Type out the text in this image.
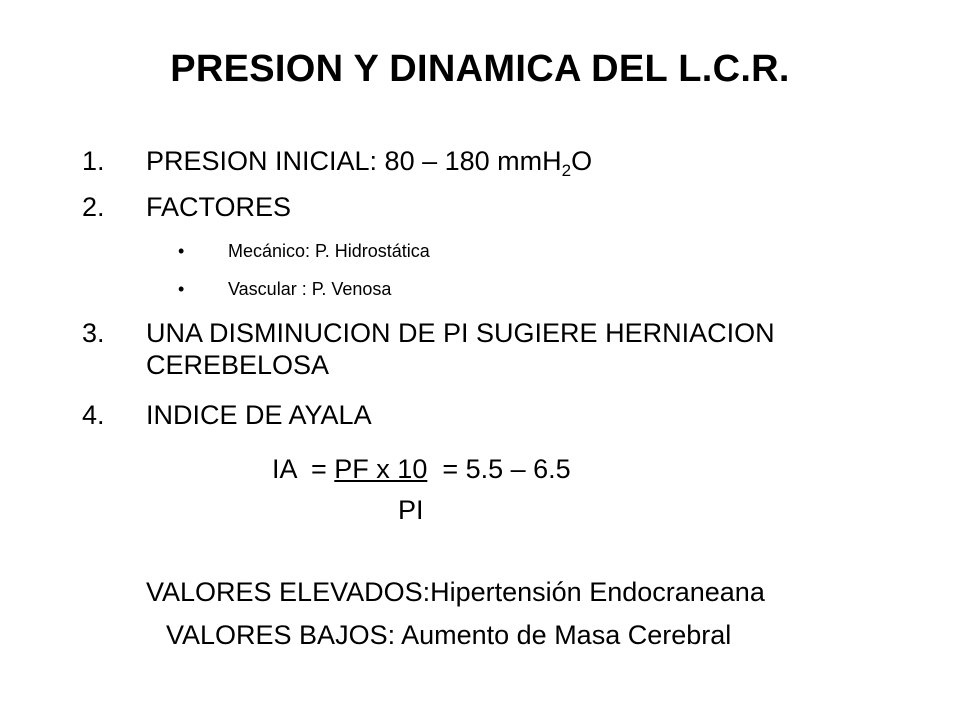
PRESION Y DINAMICA DEL L.C.R.
1. PRESION INICIAL: 80 – 180 mmH$_2$O
2. FACTORES
• Mecánico: P. Hidrostática
• Vascular : P. Venosa
3. UNA DISMINUCION DE PI SUGIERE HERNIACION
CEREBELOSA
4. INDICE DE AYALA
IA  = PF x 10  = 5.5 – 6.5
PI
VALORES ELEVADOS:Hipertensión Endocraneana
VALORES BAJOS: Aumento de Masa Cerebral
